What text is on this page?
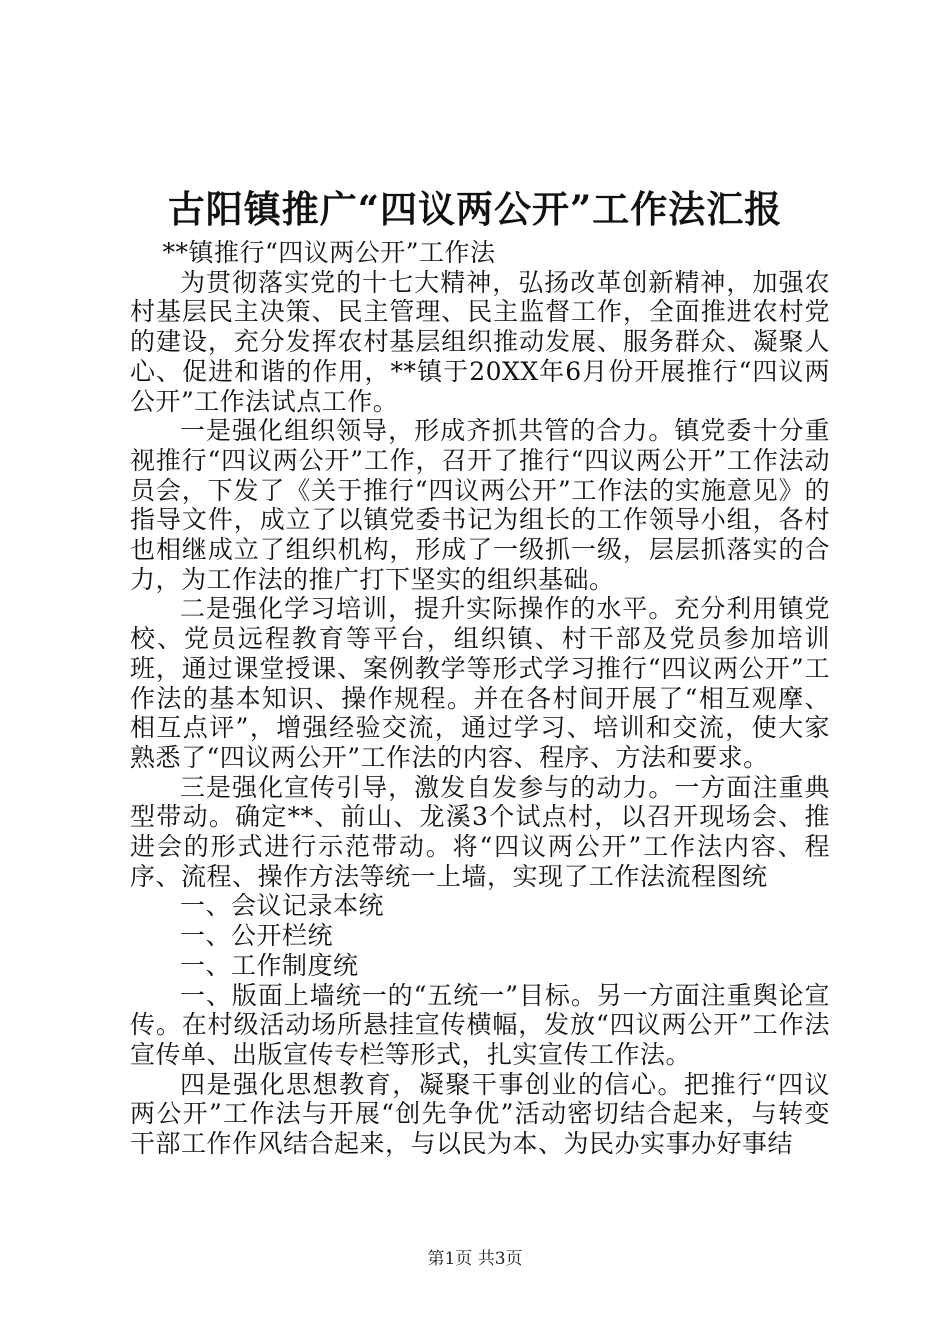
古阳镇推广“四议两公开”工作法汇报

**镇推行“四议两公开”工作法

为贯彻落实党的十七大精神，弘扬改革创新精神，加强农村基层民主决策、民主管理、民主监督工作，全面推进农村党的建设，充分发挥农村基层组织推动发展、服务群众、凝聚人心、促进和谐的作用，**镇于20XX年6月份开展推行“四议两公开”工作法试点工作。

一是强化组织领导，形成齐抓共管的合力。镇党委十分重视推行“四议两公开”工作，召开了推行“四议两公开”工作法动员会，下发了《关于推行“四议两公开”工作法的实施意见》的指导文件，成立了以镇党委书记为组长的工作领导小组，各村也相继成立了组织机构，形成了一级抓一级，层层抓落实的合力，为工作法的推广打下坚实的组织基础。

二是强化学习培训，提升实际操作的水平。充分利用镇党校、党员远程教育等平台，组织镇、村干部及党员参加培训班，通过课堂授课、案例教学等形式学习推行“四议两公开”工作法的基本知识、操作规程。并在各村间开展了“相互观摩、相互点评”，增强经验交流，通过学习、培训和交流，使大家熟悉了“四议两公开”工作法的内容、程序、方法和要求。

三是强化宣传引导，激发自发参与的动力。一方面注重典型带动。确定**、前山、龙溪3个试点村，以召开现场会、推进会的形式进行示范带动。将“四议两公开”工作法内容、程序、流程、操作方法等统一上墙，实现了工作法流程图统

一、会议记录本统

一、公开栏统

一、工作制度统

一、版面上墙统一的“五统一”目标。另一方面注重舆论宣传。在村级活动场所悬挂宣传横幅，发放“四议两公开”工作法宣传单、出版宣传专栏等形式，扎实宣传工作法。

四是强化思想教育，凝聚干事创业的信心。把推行“四议两公开”工作法与开展“创先争优”活动密切结合起来，与转变干部工作作风结合起来，与以民为本、为民办实事办好事结

第1页 共3页
